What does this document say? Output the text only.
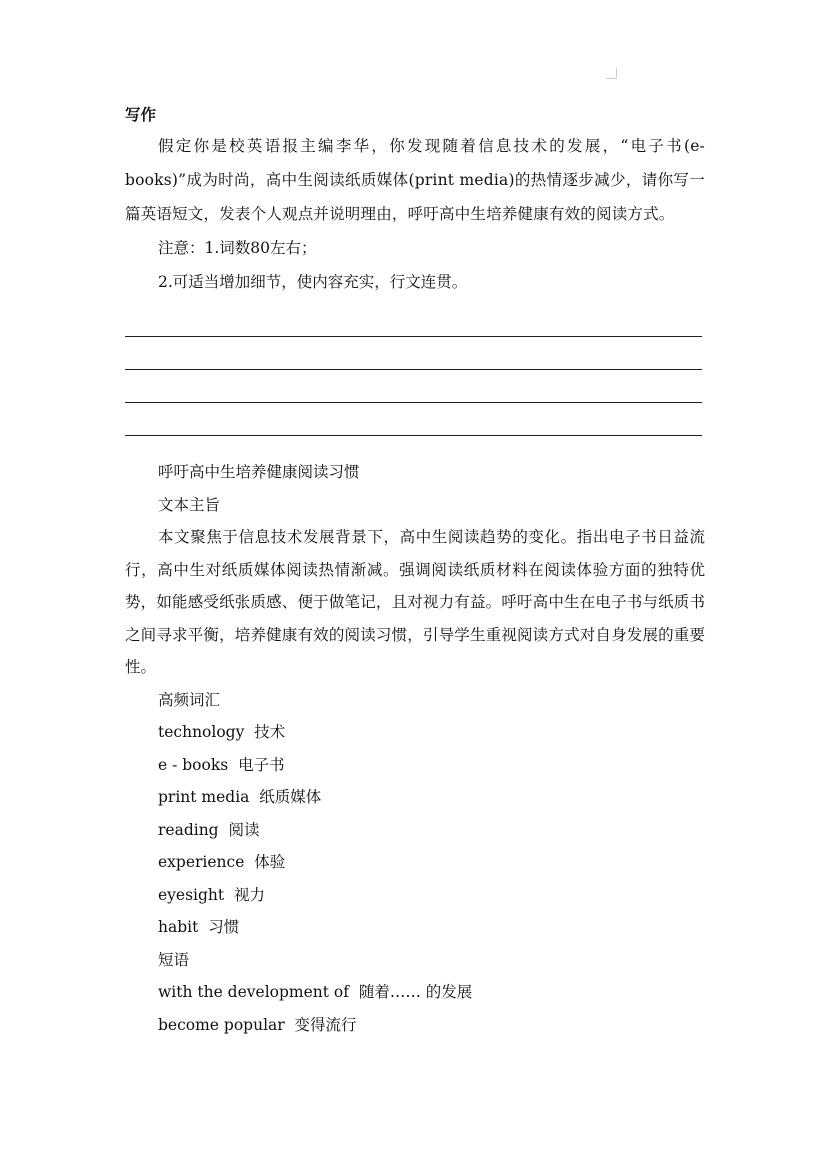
写作

假定你是校英语报主编李华，你发现随着信息技术的发展，“电子书(e-books)”成为时尚，高中生阅读纸质媒体(print media)的热情逐步减少，请你写一篇英语短文，发表个人观点并说明理由，呼吁高中生培养健康有效的阅读方式。

注意：1.词数80左右；

2.可适当增加细节，使内容充实，行文连贯。

呼吁高中生培养健康阅读习惯

文本主旨

本文聚焦于信息技术发展背景下，高中生阅读趋势的变化。指出电子书日益流行，高中生对纸质媒体阅读热情渐减。强调阅读纸质材料在阅读体验方面的独特优势，如能感受纸张质感、便于做笔记，且对视力有益。呼吁高中生在电子书与纸质书之间寻求平衡，培养健康有效的阅读习惯，引导学生重视阅读方式对自身发展的重要性。

高频词汇

technology 技术

e - books 电子书

print media 纸质媒体

reading 阅读

experience 体验

eyesight 视力

habit 习惯

短语

with the development of 随着…… 的发展

become popular 变得流行
